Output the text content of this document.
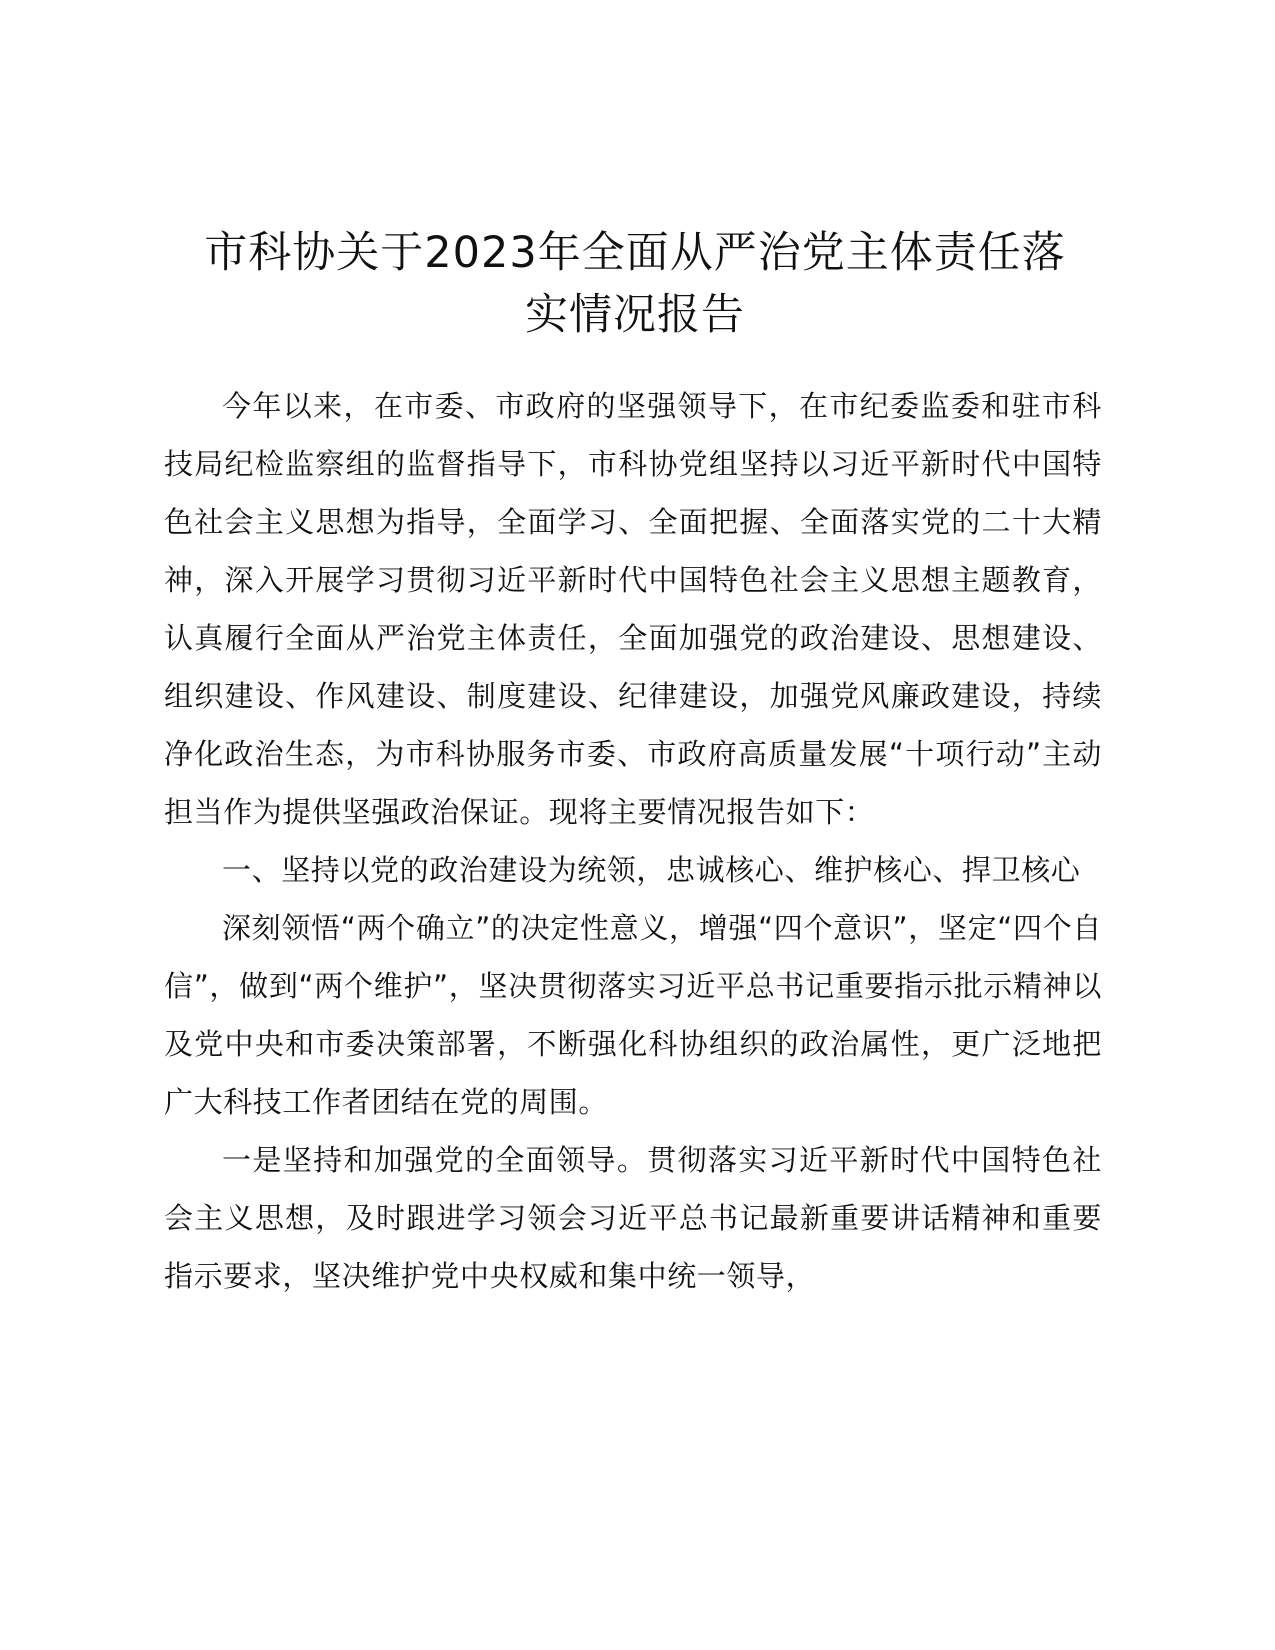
市科协关于2023年全面从严治党主体责任落
实情况报告

今年以来，在市委、市政府的坚强领导下，在市纪委监委和驻市科技局纪检监察组的监督指导下，市科协党组坚持以习近平新时代中国特色社会主义思想为指导，全面学习、全面把握、全面落实党的二十大精神，深入开展学习贯彻习近平新时代中国特色社会主义思想主题教育，认真履行全面从严治党主体责任，全面加强党的政治建设、思想建设、组织建设、作风建设、制度建设、纪律建设，加强党风廉政建设，持续净化政治生态，为市科协服务市委、市政府高质量发展“十项行动”主动担当作为提供坚强政治保证。现将主要情况报告如下：

一、坚持以党的政治建设为统领，忠诚核心、维护核心、捍卫核心

深刻领悟“两个确立”的决定性意义，增强“四个意识”，坚定“四个自信”，做到“两个维护”，坚决贯彻落实习近平总书记重要指示批示精神以及党中央和市委决策部署，不断强化科协组织的政治属性，更广泛地把广大科技工作者团结在党的周围。

一是坚持和加强党的全面领导。贯彻落实习近平新时代中国特色社会主义思想，及时跟进学习领会习近平总书记最新重要讲话精神和重要指示要求，坚决维护党中央权威和集中统一领导，
